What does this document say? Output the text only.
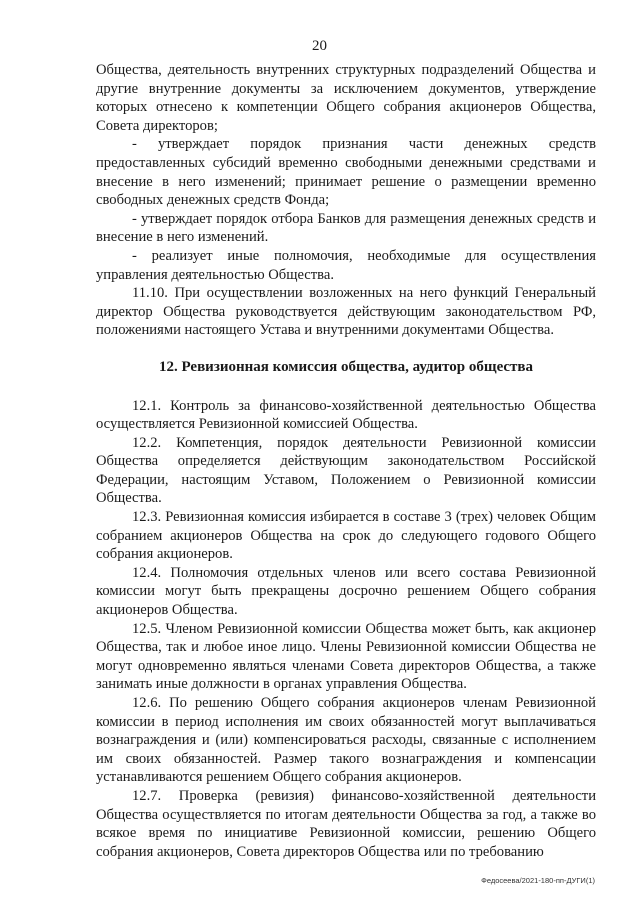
20

Общества, деятельность внутренних структурных подразделений Общества и другие внутренние документы за исключением документов, утверждение которых отнесено к компетенции Общего собрания акционеров Общества, Совета директоров;

- утверждает порядок признания части денежных средств предоставленных субсидий временно свободными денежными средствами и внесение в него изменений; принимает решение о размещении временно свободных денежных средств Фонда;

- утверждает порядок отбора Банков для размещения денежных средств и внесение в него изменений.

- реализует иные полномочия, необходимые для осуществления управления деятельностью Общества.

11.10. При осуществлении возложенных на него функций Генеральный директор Общества руководствуется действующим законодательством РФ, положениями настоящего Устава и внутренними документами Общества.

12. Ревизионная комиссия общества, аудитор общества

12.1. Контроль за финансово-хозяйственной деятельностью Общества осуществляется Ревизионной комиссией Общества.

12.2. Компетенция, порядок деятельности Ревизионной комиссии Общества определяется действующим законодательством Российской Федерации, настоящим Уставом, Положением о Ревизионной комиссии Общества.

12.3. Ревизионная комиссия избирается в составе 3 (трех) человек Общим собранием акционеров Общества на срок до следующего годового Общего собрания акционеров.

12.4. Полномочия отдельных членов или всего состава Ревизионной комиссии могут быть прекращены досрочно решением Общего собрания акционеров Общества.

12.5. Членом Ревизионной комиссии Общества может быть, как акционер Общества, так и любое иное лицо. Члены Ревизионной комиссии Общества не могут одновременно являться членами Совета директоров Общества, а также занимать иные должности в органах управления Общества.

12.6. По решению Общего собрания акционеров членам Ревизионной комиссии в период исполнения им своих обязанностей могут выплачиваться вознаграждения и (или) компенсироваться расходы, связанные с исполнением им своих обязанностей. Размер такого вознаграждения и компенсации устанавливаются решением Общего собрания акционеров.

12.7. Проверка (ревизия) финансово-хозяйственной деятельности Общества осуществляется по итогам деятельности Общества за год, а также во всякое время по инициативе Ревизионной комиссии, решению Общего собрания акционеров, Совета директоров Общества или по требованию

Федосеева/2021-180-пп-ДУГИ(1)
